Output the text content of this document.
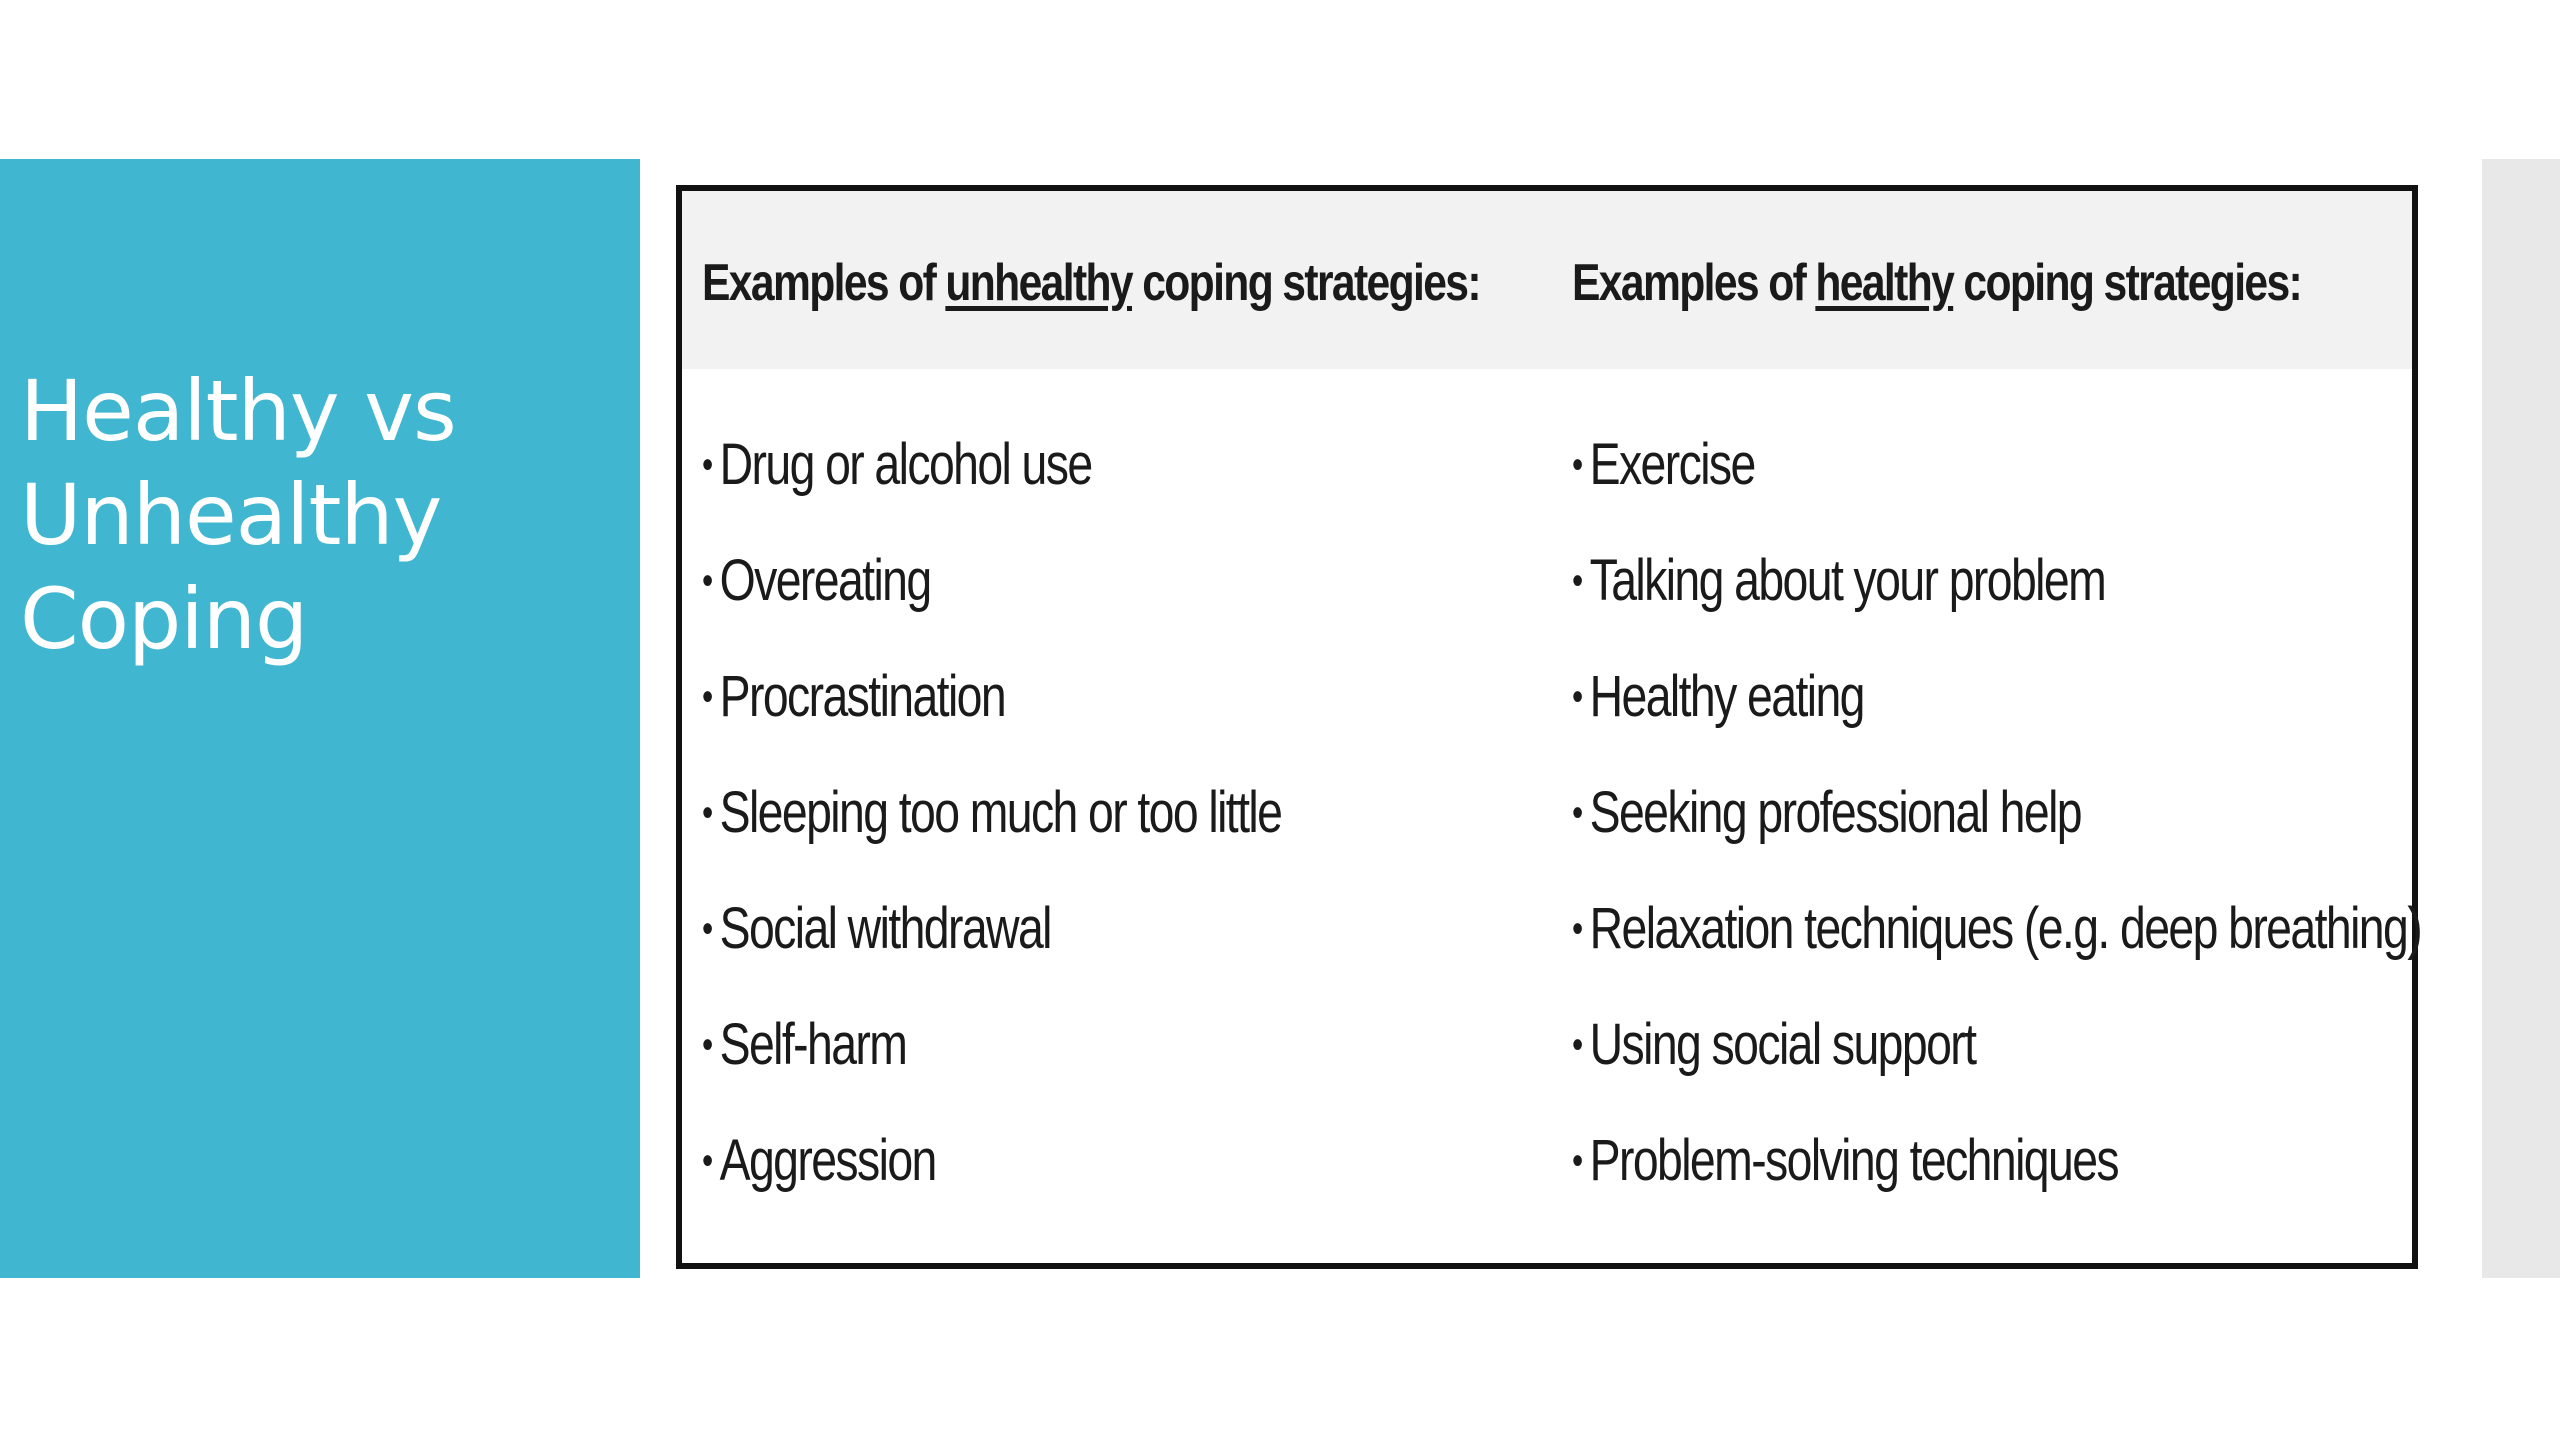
Healthy vs
Unhealthy
Coping
Examples of unhealthy coping strategies: Examples of healthy coping strategies:
• Drug or alcohol use
• Overeating
• Procrastination
• Sleeping too much or too little
• Social withdrawal
• Self-harm
• Aggression
• Exercise
• Talking about your problem
• Healthy eating
• Seeking professional help
• Relaxation techniques (e.g. deep breathing)
• Using social support
• Problem-solving techniques
